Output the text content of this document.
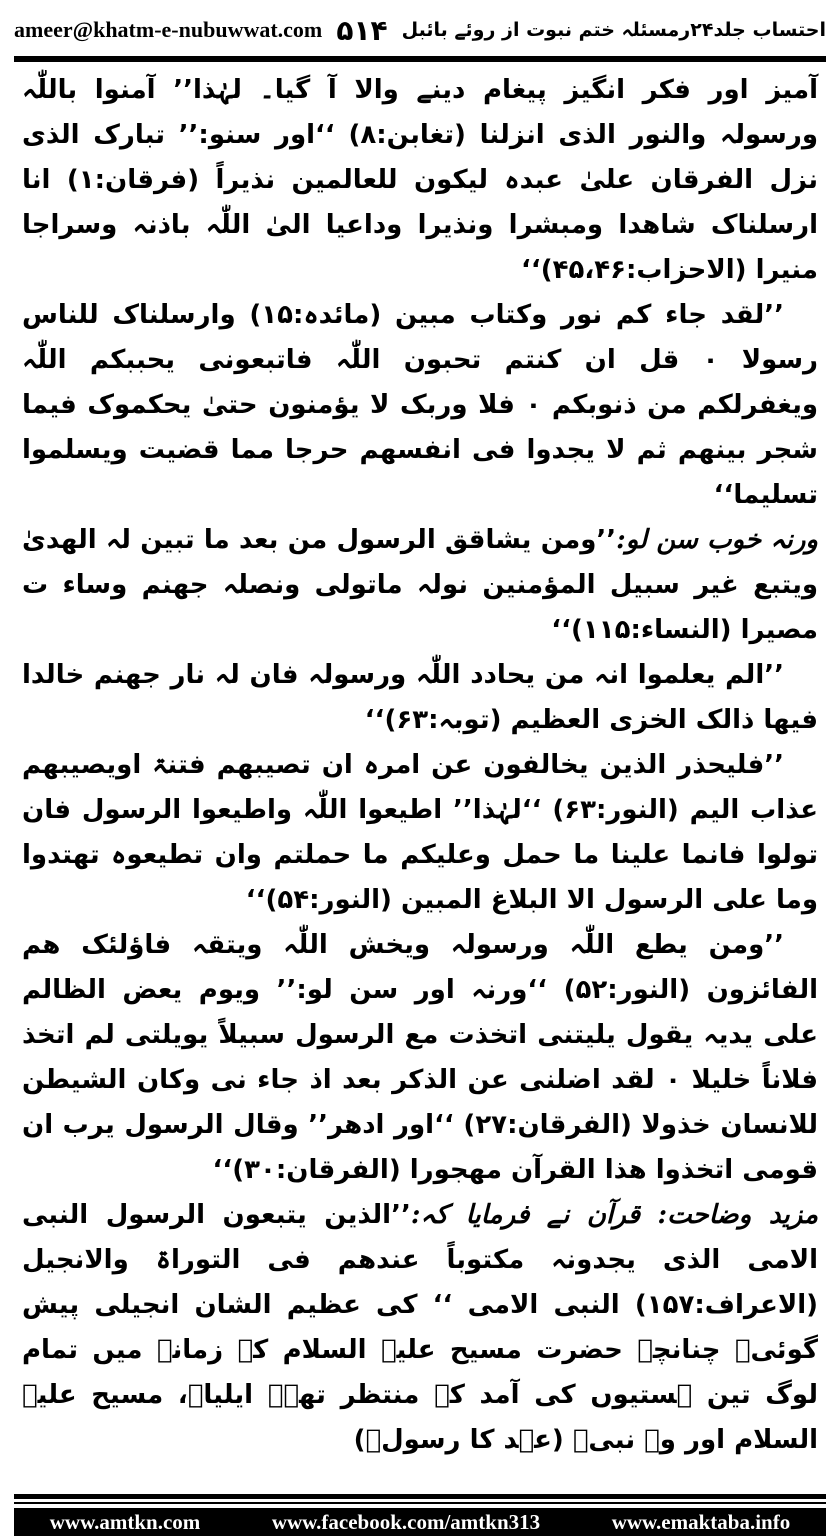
ameer@khatm-e-nubuwwat.com	احتساب جلد۲۴رمسئلہ ختم نبوت از روئے بائبل
۵۱۴

آمیز اور فکر انگیز پیغام دینے والا آ گیا۔ لہٰذا’’ آمنوا باللّٰہ ورسولہ والنور الذی انزلنا (تغابن:۸) ‘‘اور سنو:’’ تبارک الذی نزل الفرقان علیٰ عبدہ لیکون للعالمین نذیراً (فرقان:۱) انا ارسلناک شاھدا ومبشرا ونذیرا وداعیا الیٰ اللّٰہ باذنہ وسراجا منیرا (الاحزاب:۴۵،۴۶)‘‘

’’لقد جاء کم نور وکتاب مبین (مائدہ:۱۵) وارسلناک للناس رسولا ۰ قل ان کنتم تحبون اللّٰہ فاتبعونی یحببکم اللّٰہ ویغفرلکم من ذنوبکم ۰ فلا وربک لا یؤمنون حتیٰ یحکموک فیما شجر بینھم ثم لا یجدوا فی انفسھم حرجا مما قضیت ویسلموا تسلیما‘‘

ورنہ خوب سن لو:’’ومن یشاقق الرسول من بعد ما تبین لہ الھدیٰ ویتبع غیر سبیل المؤمنین نولہ ماتولی ونصلہ جھنم وساء ت مصیرا (النساء:۱۱۵)‘‘

’’الم یعلموا انہ من یحادد اللّٰہ ورسولہ فان لہ نار جھنم خالدا فیھا ذالک الخزی العظیم (توبہ:۶۳)‘‘

’’فلیحذر الذین یخالفون عن امرہ ان تصیبھم فتنۃ اویصیبھم عذاب الیم (النور:۶۳) ‘‘لہٰذا’’ اطیعوا اللّٰہ واطیعوا الرسول فان تولوا فانما علینا ما حمل وعلیکم ما حملتم وان تطیعوہ تھتدوا وما علی الرسول الا البلاغ المبین (النور:۵۴)‘‘

’’ومن یطع اللّٰہ ورسولہ ویخش اللّٰہ ویتقہ فاؤلئک ھم الفائزون (النور:۵۲) ‘‘ورنہ اور سن لو:’’ ویوم یعض الظالم علی یدیہ یقول یلیتنی اتخذت مع الرسول سبیلاً یویلتی لم اتخذ فلاناً خلیلا ۰ لقد اضلنی عن الذکر بعد اذ جاء نی وکان الشیطن للانسان خذولا (الفرقان:۲۷) ‘‘اور ادھر’’ وقال الرسول یرب ان قومی اتخذوا ھذا القرآن مھجورا (الفرقان:۳۰)‘‘

مزید وضاحت: قرآن نے فرمایا کہ:’’الذین یتبعون الرسول النبی الامی الذی یجدونہ مکتوباً عندھم فی التوراۃ والانجیل (الاعراف:۱۵۷) النبی الامی ‘‘ کی عظیم الشان انجیلی پیش گوئی۔ چنانچہ حضرت مسیح علیہ السلام کے زمانہ میں تمام لوگ تین ہستیوں کی آمد کے منتظر تھے۔ ایلیاؑ، مسیح علیہ السلام اور وہ نبیؐ (عہد کا رسولؐ)

www.amtkn.com	www.facebook.com/amtkn313	www.emaktaba.info
